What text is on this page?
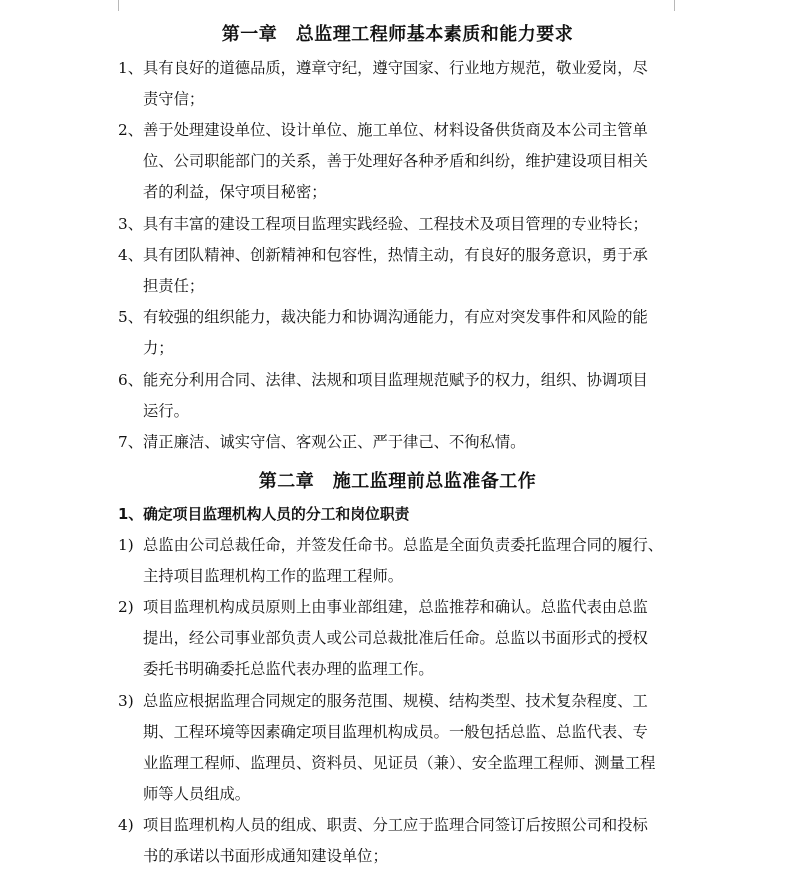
第一章　总监理工程师基本素质和能力要求
1、具有良好的道德品质，遵章守纪，遵守国家、行业地方规范，敬业爱岗，尽
责守信；
2、善于处理建设单位、设计单位、施工单位、材料设备供货商及本公司主管单
位、公司职能部门的关系，善于处理好各种矛盾和纠纷，维护建设项目相关
者的利益，保守项目秘密；
3、具有丰富的建设工程项目监理实践经验、工程技术及项目管理的专业特长；
4、具有团队精神、创新精神和包容性，热情主动，有良好的服务意识，勇于承
担责任；
5、有较强的组织能力，裁决能力和协调沟通能力，有应对突发事件和风险的能
力；
6、能充分利用合同、法律、法规和项目监理规范赋予的权力，组织、协调项目
运行。
7、清正廉洁、诚实守信、客观公正、严于律己、不徇私情。
第二章　施工监理前总监准备工作
1、确定项目监理机构人员的分工和岗位职责
1) 总监由公司总裁任命，并签发任命书。总监是全面负责委托监理合同的履行、
主持项目监理机构工作的监理工程师。
2) 项目监理机构成员原则上由事业部组建，总监推荐和确认。总监代表由总监
提出，经公司事业部负责人或公司总裁批准后任命。总监以书面形式的授权
委托书明确委托总监代表办理的监理工作。
3) 总监应根据监理合同规定的服务范围、规模、结构类型、技术复杂程度、工
期、工程环境等因素确定项目监理机构成员。一般包括总监、总监代表、专
业监理工程师、监理员、资料员、见证员（兼）、安全监理工程师、测量工程
师等人员组成。
4) 项目监理机构人员的组成、职责、分工应于监理合同签订后按照公司和投标
书的承诺以书面形成通知建设单位；
